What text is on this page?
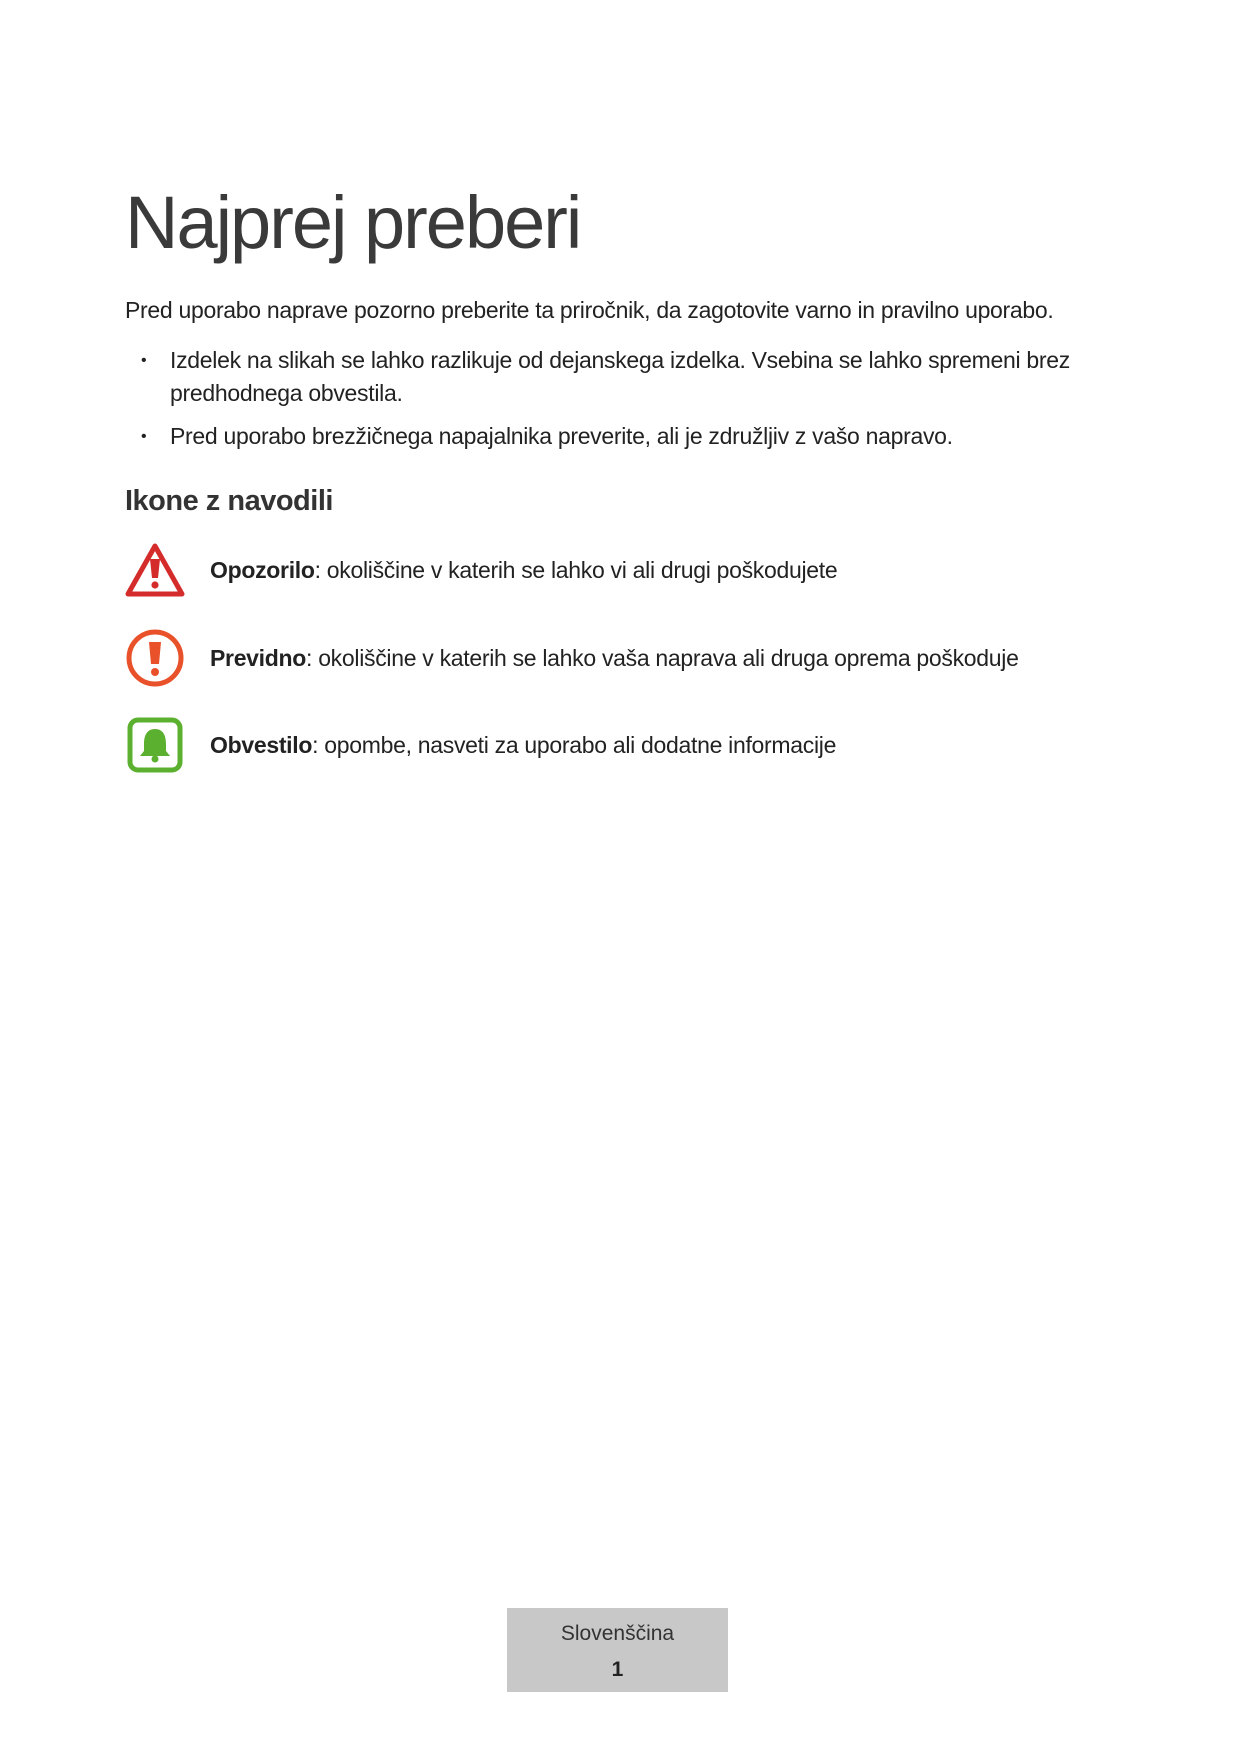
Najprej preberi

Pred uporabo naprave pozorno preberite ta priročnik, da zagotovite varno in pravilno uporabo.

• Izdelek na slikah se lahko razlikuje od dejanskega izdelka. Vsebina se lahko spremeni brez predhodnega obvestila.
• Pred uporabo brezžičnega napajalnika preverite, ali je združljiv z vašo napravo.
Ikone z navodili
Opozorilo: okoliščine v katerih se lahko vi ali drugi poškodujete
Previdno: okoliščine v katerih se lahko vaša naprava ali druga oprema poškoduje
Obvestilo: opombe, nasveti za uporabo ali dodatne informacije
Slovenščina
1
